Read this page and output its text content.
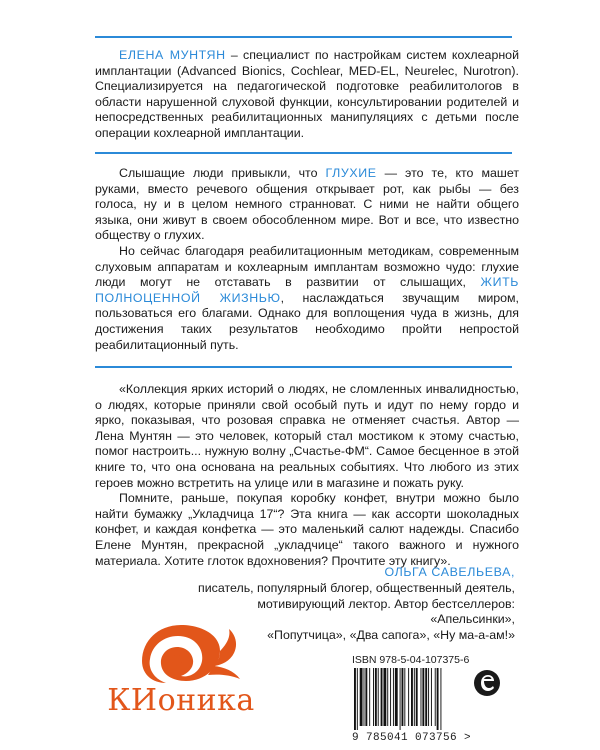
ЕЛЕНА МУНТЯН – специалист по настройкам систем кохлеарной имплантации (Advanced Bionics, Cochlear, MED-EL, Neurelec, Nurotron). Специализируется на педагогической подготовке реабилитологов в области нарушенной слуховой функции, консультировании родителей и непосредственных реабилитационных манипуляциях с детьми после операции кохлеарной имплантации.
Слышащие люди привыкли, что ГЛУХИЕ — это те, кто машет руками, вместо речевого общения открывает рот, как рыбы — без голоса, ну и в целом немного странноват. С ними не найти общего языка, они живут в своем обособленном мире. Вот и все, что известно обществу о глухих.
Но сейчас благодаря реабилитационным методикам, современным слуховым аппаратам и кохлеарным имплантам возможно чудо: глухие люди могут не отставать в развитии от слышащих, ЖИТЬ ПОЛНОЦЕННОЙ ЖИЗНЬЮ, наслаждаться звучащим миром, пользоваться его благами. Однако для воплощения чуда в жизнь, для достижения таких результатов необходимо пройти непростой реабилитационный путь.
«Коллекция ярких историй о людях, не сломленных инвалидностью, о людях, которые приняли свой особый путь и идут по нему гордо и ярко, показывая, что розовая справка не отменяет счастья. Автор — Лена Мунтян — это человек, который стал мостиком к этому счастью, помог настроить... нужную волну „Счастье-ФМ“. Самое бесценное в этой книге то, что она основана на реальных событиях. Что любого из этих героев можно встретить на улице или в магазине и пожать руку.
Помните, раньше, покупая коробку конфет, внутри можно было найти бумажку „Укладчица 17“? Эта книга — как ассорти шоколадных конфет, и каждая конфетка — это маленький салют надежды. Спасибо Елене Мунтян, прекрасной „укладчице“ такого важного и нужного материала. Хотите глоток вдохновения? Прочтите эту книгу».
ОЛЬГА САВЕЛЬЕВА,
писатель, популярный блогер, общественный деятель,
мотивирующий лектор. Автор бестселлеров: «Апельсинки»,
«Попутчица», «Два сапога», «Ну ма-а-ам!»
КИоника
ISBN 978-5-04-107375-6
9 785041 073756 >
